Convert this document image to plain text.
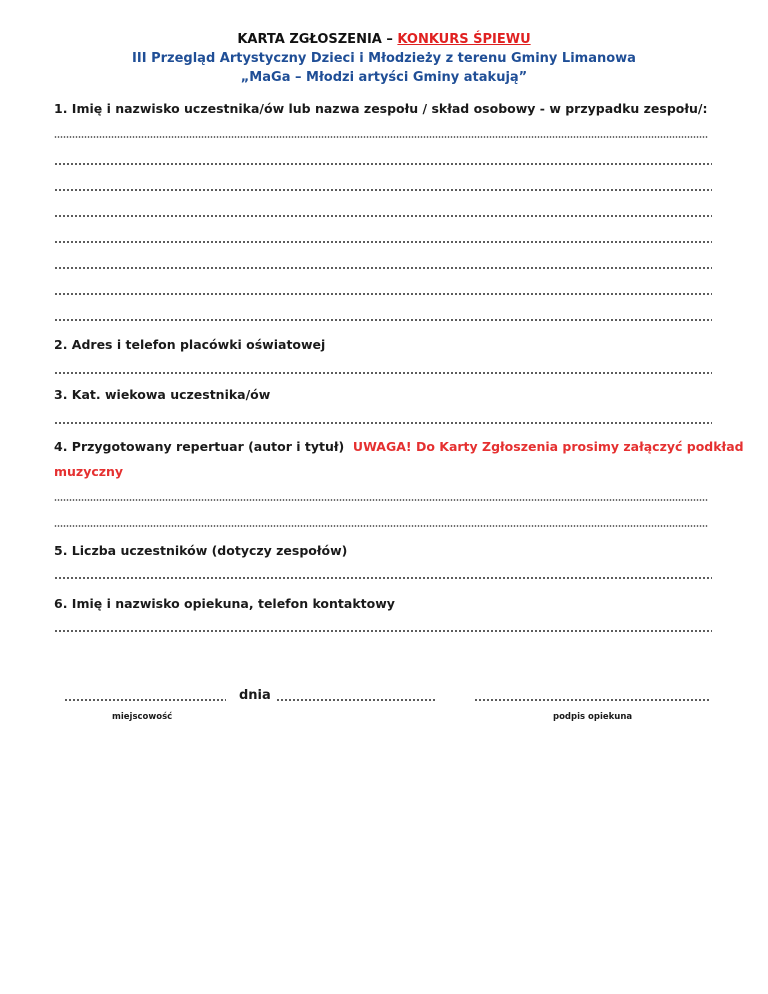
KARTA ZGŁOSZENIA – KONKURS ŚPIEWU
III Przegląd Artystyczny Dzieci i Młodzieży z terenu Gminy Limanowa
„MaGa – Młodzi artyści Gminy atakują”
1. Imię i nazwisko uczestnika/ów lub nazwa zespołu / skład osobowy - w przypadku zespołu/:
2. Adres i telefon placówki oświatowej
3. Kat. wiekowa uczestnika/ów
4. Przygotowany repertuar (autor i tytuł) UWAGA! Do Karty Zgłoszenia prosimy załączyć podkład
muzyczny
5. Liczba uczestników (dotyczy zespołów)
6. Imię i nazwisko opiekuna, telefon kontaktowy
dnia
miejscowość	podpis opiekuna
